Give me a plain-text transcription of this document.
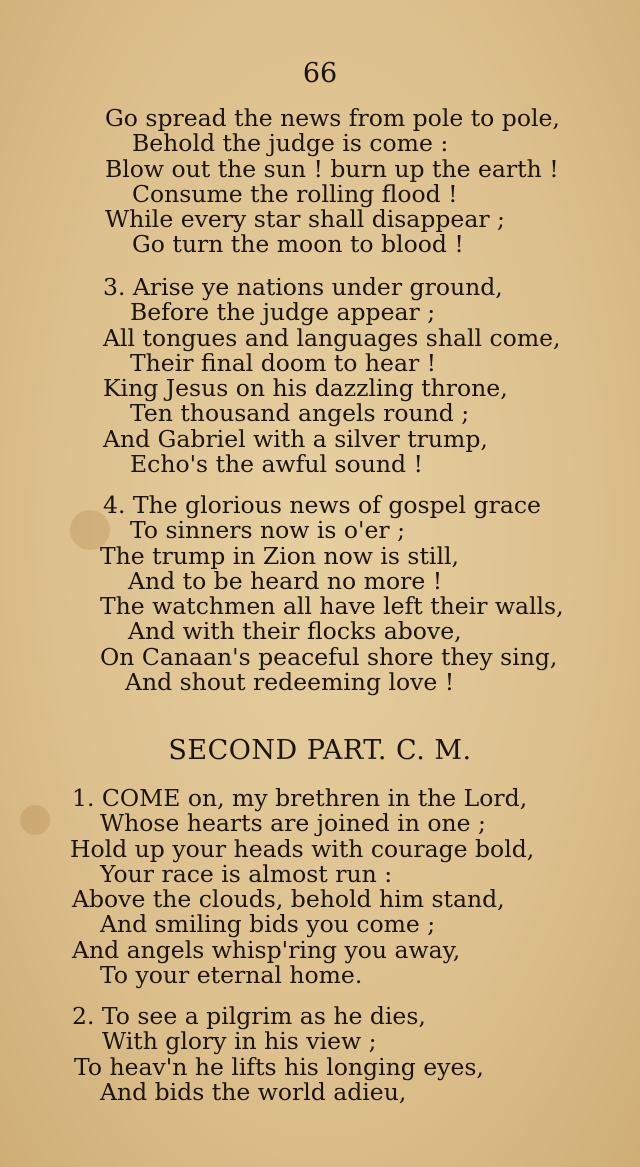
66
Go spread the news from pole to pole,
Behold the judge is come :
Blow out the sun ! burn up the earth !
Consume the rolling flood !
While every star shall disappear ;
Go turn the moon to blood !
3. Arise ye nations under ground,
Before the judge appear ;
All tongues and languages shall come,
Their final doom to hear !
King Jesus on his dazzling throne,
Ten thousand angels round ;
And Gabriel with a silver trump,
Echo's the awful sound !
4. The glorious news of gospel grace
To sinners now is o'er ;
The trump in Zion now is still,
And to be heard no more !
The watchmen all have left their walls,
And with their flocks above,
On Canaan's peaceful shore they sing,
And shout redeeming love !
SECOND PART. C. M.
1. COME on, my brethren in the Lord,
Whose hearts are joined in one ;
Hold up your heads with courage bold,
Your race is almost run :
Above the clouds, behold him stand,
And smiling bids you come ;
And angels whisp'ring you away,
To your eternal home.
2. To see a pilgrim as he dies,
With glory in his view ;
To heav'n he lifts his longing eyes,
And bids the world adieu,
